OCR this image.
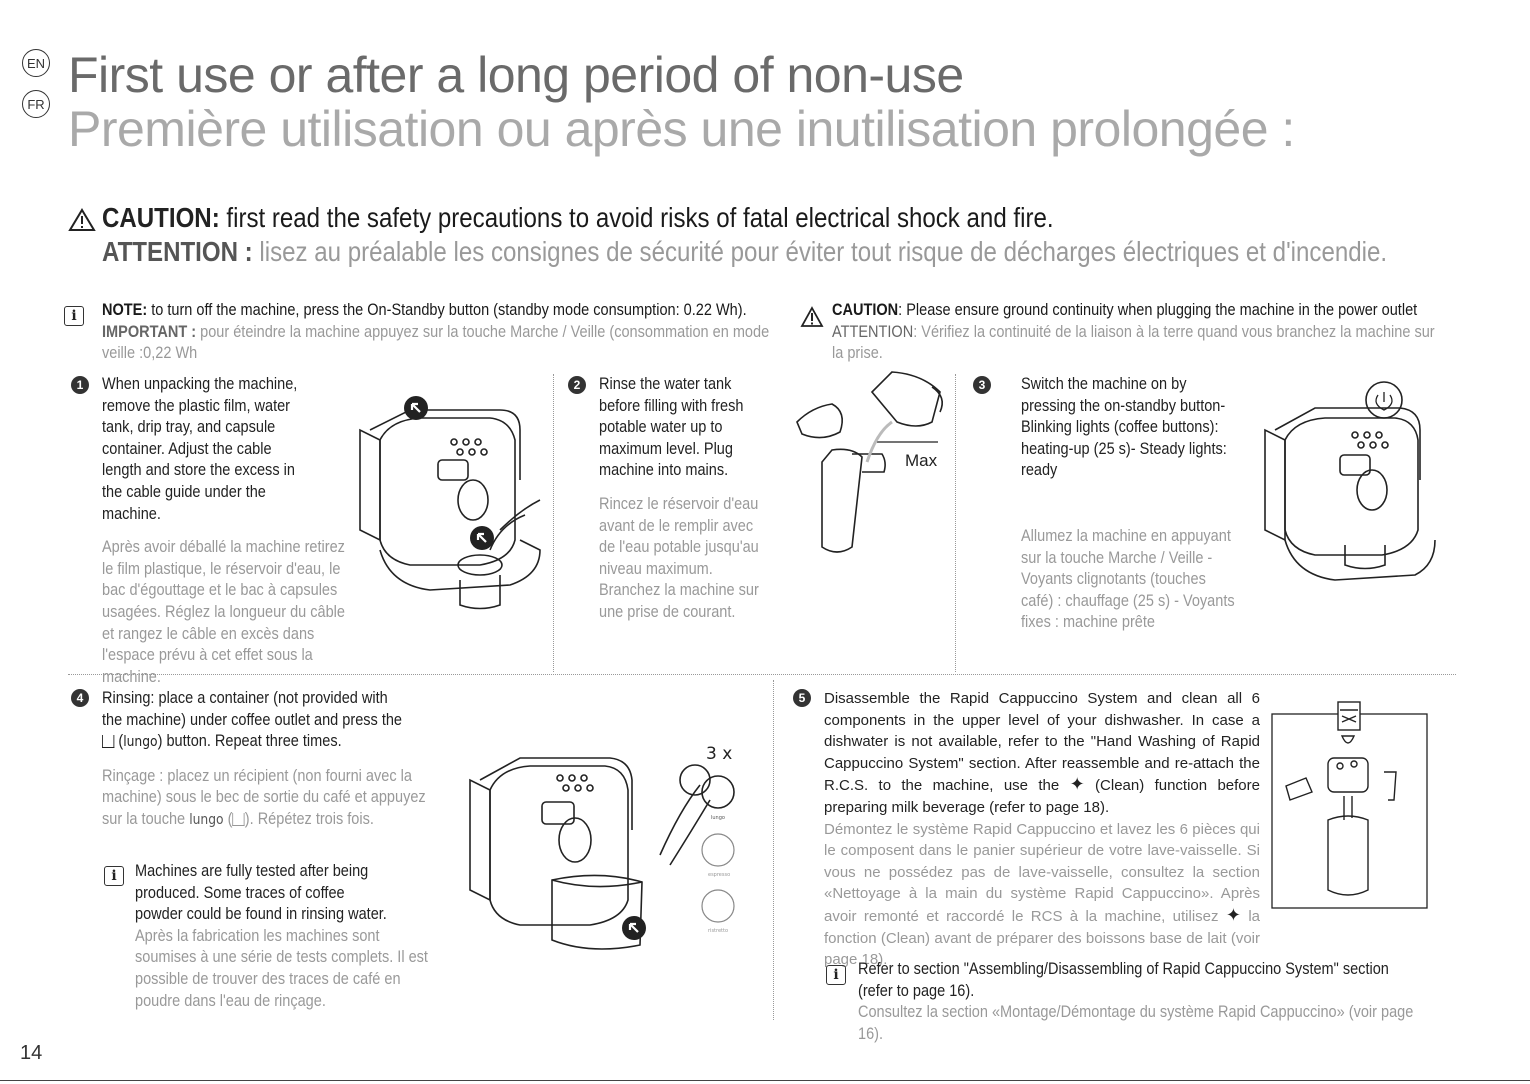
EN
FR
First use or after a long period of non-use
Première utilisation ou après une inutilisation prolongée :
CAUTION: first read the safety precautions to avoid risks of fatal electrical shock and fire.
ATTENTION : lisez au préalable les consignes de sécurité pour éviter tout risque de décharges électriques et d'incendie.
i	NOTE: to turn off the machine, press the On-Standby button (standby mode consumption: 0.22 Wh).
IMPORTANT : pour éteindre la machine appuyez sur la touche Marche / Veille (consommation en mode veille :0,22 Wh
CAUTION: Please ensure ground continuity when plugging the machine in the power outlet
ATTENTION: Vérifiez la continuité de la liaison à la terre quand vous branchez la machine sur la prise.
1	When unpacking the machine, remove the plastic film, water tank, drip tray, and capsule container. Adjust the cable length and store the excess in the cable guide under the machine.
Après avoir déballé la machine retirez le film plastique, le réservoir d'eau, le bac d'égouttage et le bac à capsules usagées. Réglez la longueur du câble et rangez le câble en excès dans l'espace prévu à cet effet sous la machine.
2	Rinse the water tank before filling with fresh potable water up to maximum level. Plug machine into mains.
Rincez le réservoir d'eau avant de le remplir avec de l'eau potable jusqu'au niveau maximum. Branchez la machine sur une prise de courant.
Max
3	Switch the machine on by pressing the on-standby button- Blinking lights (coffee buttons): heating-up (25 s)- Steady lights: ready
Allumez la machine en appuyant sur la touche Marche / Veille - Voyants clignotants (touches café) : chauffage (25 s) - Voyants fixes : machine prête
4	Rinsing: place a container (not provided with the machine) under coffee outlet and press the  (lungo) button. Repeat three times.
Rinçage : placez un récipient (non fourni avec la machine) sous le bec de sortie du café et appuyez sur la touche lungo ( ). Répétez trois fois.
i	Machines are fully tested after being produced. Some traces of coffee powder could be found in rinsing water.
Après la fabrication les machines sont soumises à une série de tests complets. Il est possible de trouver des traces de café en poudre dans l'eau de rinçage.
3 x
lungo
espresso
ristretto
5	Disassemble the Rapid Cappuccino System and clean all 6 components in the upper level of your dishwasher. In case a dishwater is not available, refer to the "Hand Washing of Rapid Cappuccino System" section. After reassemble and re-attach the R.C.S. to the machine, use the ✦ (Clean) function before preparing milk beverage (refer to page 18).
Démontez le système Rapid Cappuccino et lavez les 6 pièces qui le composent dans le panier supérieur de votre lave-vaisselle. Si vous ne possédez pas de lave-vaisselle, consultez la section «Nettoyage à la main du système Rapid Cappuccino». Après avoir remonté et raccordé le RCS à la machine, utilisez ✦ la fonction (Clean) avant de préparer des boissons base de lait (voir page 18).
i	Refer to section "Assembling/Disassembling of Rapid Cappuccino System" section (refer to page 16).
Consultez la section «Montage/Démontage du système Rapid Cappuccino» (voir page 16).
14
